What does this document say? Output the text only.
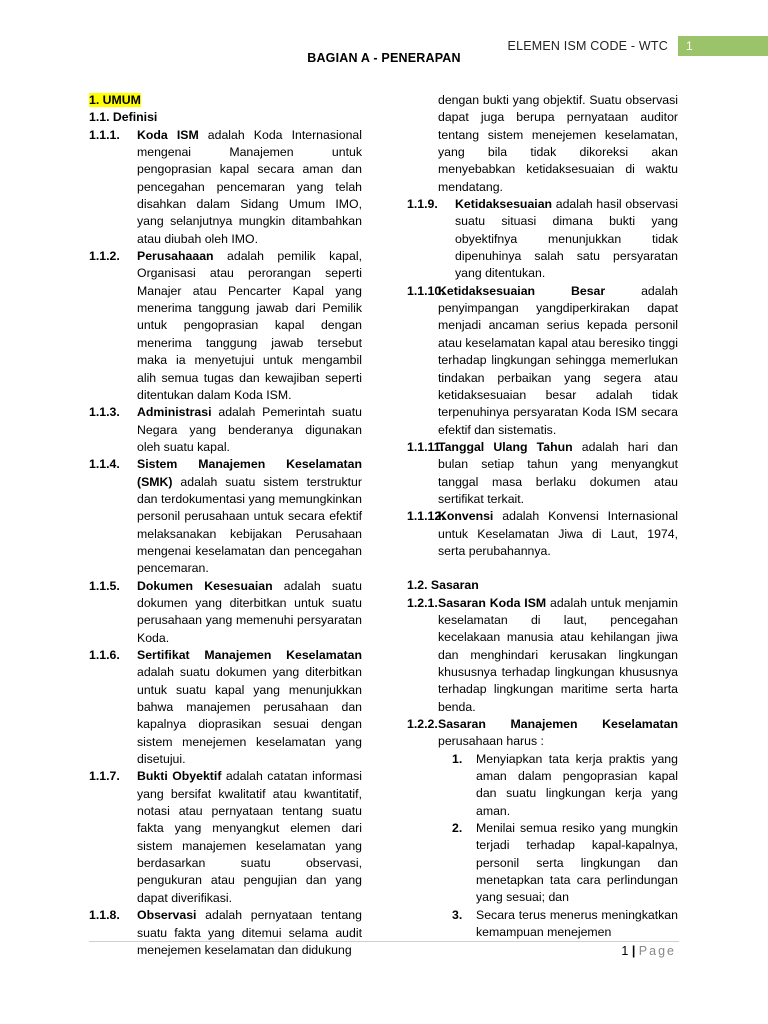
ELEMEN ISM CODE - WTC	1
BAGIAN A - PENERAPAN
1. UMUM
1.1. Definisi
1.1.1.	Koda ISM adalah Koda Internasional mengenai Manajemen untuk pengoprasian kapal secara aman dan pencegahan pencemaran yang telah disahkan dalam Sidang Umum IMO, yang selanjutnya mungkin ditambahkan atau diubah oleh IMO.
1.1.2.	Perusahaaan adalah pemilik kapal, Organisasi atau perorangan seperti Manajer atau Pencarter Kapal yang menerima tanggung jawab dari Pemilik untuk pengoprasian kapal dengan menerima tanggung jawab tersebut maka ia menyetujui untuk mengambil alih semua tugas dan kewajiban seperti ditentukan dalam Koda ISM.
1.1.3.	Administrasi adalah Pemerintah suatu Negara yang benderanya digunakan oleh suatu kapal.
1.1.4.	Sistem Manajemen Keselamatan (SMK) adalah suatu sistem terstruktur dan terdokumentasi yang memungkinkan personil perusahaan untuk secara efektif melaksanakan kebijakan Perusahaan mengenai keselamatan dan pencegahan pencemaran.
1.1.5.	Dokumen Kesesuaian adalah suatu dokumen yang diterbitkan untuk suatu perusahaan yang memenuhi persyaratan Koda.
1.1.6.	Sertifikat Manajemen Keselamatan adalah suatu dokumen yang diterbitkan untuk suatu kapal yang menunjukkan bahwa manajemen perusahaan dan kapalnya dioprasikan sesuai dengan sistem menejemen keselamatan yang disetujui.
1.1.7.	Bukti Obyektif adalah catatan informasi yang bersifat kwalitatif atau kwantitatif, notasi atau pernyataan tentang suatu fakta yang menyangkut elemen dari sistem manajemen keselamatan yang berdasarkan suatu observasi, pengukuran atau pengujian dan yang dapat diverifikasi.
1.1.8.	Observasi adalah pernyataan tentang suatu fakta yang ditemui selama audit menejemen keselamatan dan didukung
dengan bukti yang objektif. Suatu observasi dapat juga berupa pernyataan auditor tentang sistem menejemen keselamatan, yang bila tidak dikoreksi akan menyebabkan ketidaksesuaian di waktu mendatang.
1.1.9.	Ketidaksesuaian adalah hasil observasi suatu situasi dimana bukti yang obyektifnya menunjukkan tidak dipenuhinya salah satu persyaratan yang ditentukan.
1.1.10.
Ketidaksesuaian Besar adalah penyimpangan yangdiperkirakan dapat menjadi ancaman serius kepada personil atau keselamatan kapal atau beresiko tinggi terhadap lingkungan sehingga memerlukan tindakan perbaikan yang segera atau ketidaksesuaian besar adalah tidak terpenuhinya persyaratan Koda ISM secara efektif dan sistematis.
1.1.11.
Tanggal Ulang Tahun adalah hari dan bulan setiap tahun yang menyangkut tanggal masa berlaku dokumen atau sertifikat terkait.
1.1.12.
Konvensi adalah Konvensi Internasional untuk Keselamatan Jiwa di Laut, 1974, serta perubahannya.
1.2. Sasaran
1.2.1. Sasaran Koda ISM adalah untuk menjamin keselamatan di laut, pencegahan kecelakaan manusia atau kehilangan jiwa dan menghindari kerusakan lingkungan khususnya terhadap lingkungan khususnya terhadap lingkungan maritime serta harta benda.
1.2.2. Sasaran Manajemen Keselamatan perusahaan harus :
1.	Menyiapkan tata kerja praktis yang aman dalam pengoprasian kapal dan suatu lingkungan kerja yang aman.
2.	Menilai semua resiko yang mungkin terjadi terhadap kapal-kapalnya, personil serta lingkungan dan menetapkan tata cara perlindungan yang sesuai; dan
3.	Secara terus menerus meningkatkan kemampuan menejemen
1 | Page
